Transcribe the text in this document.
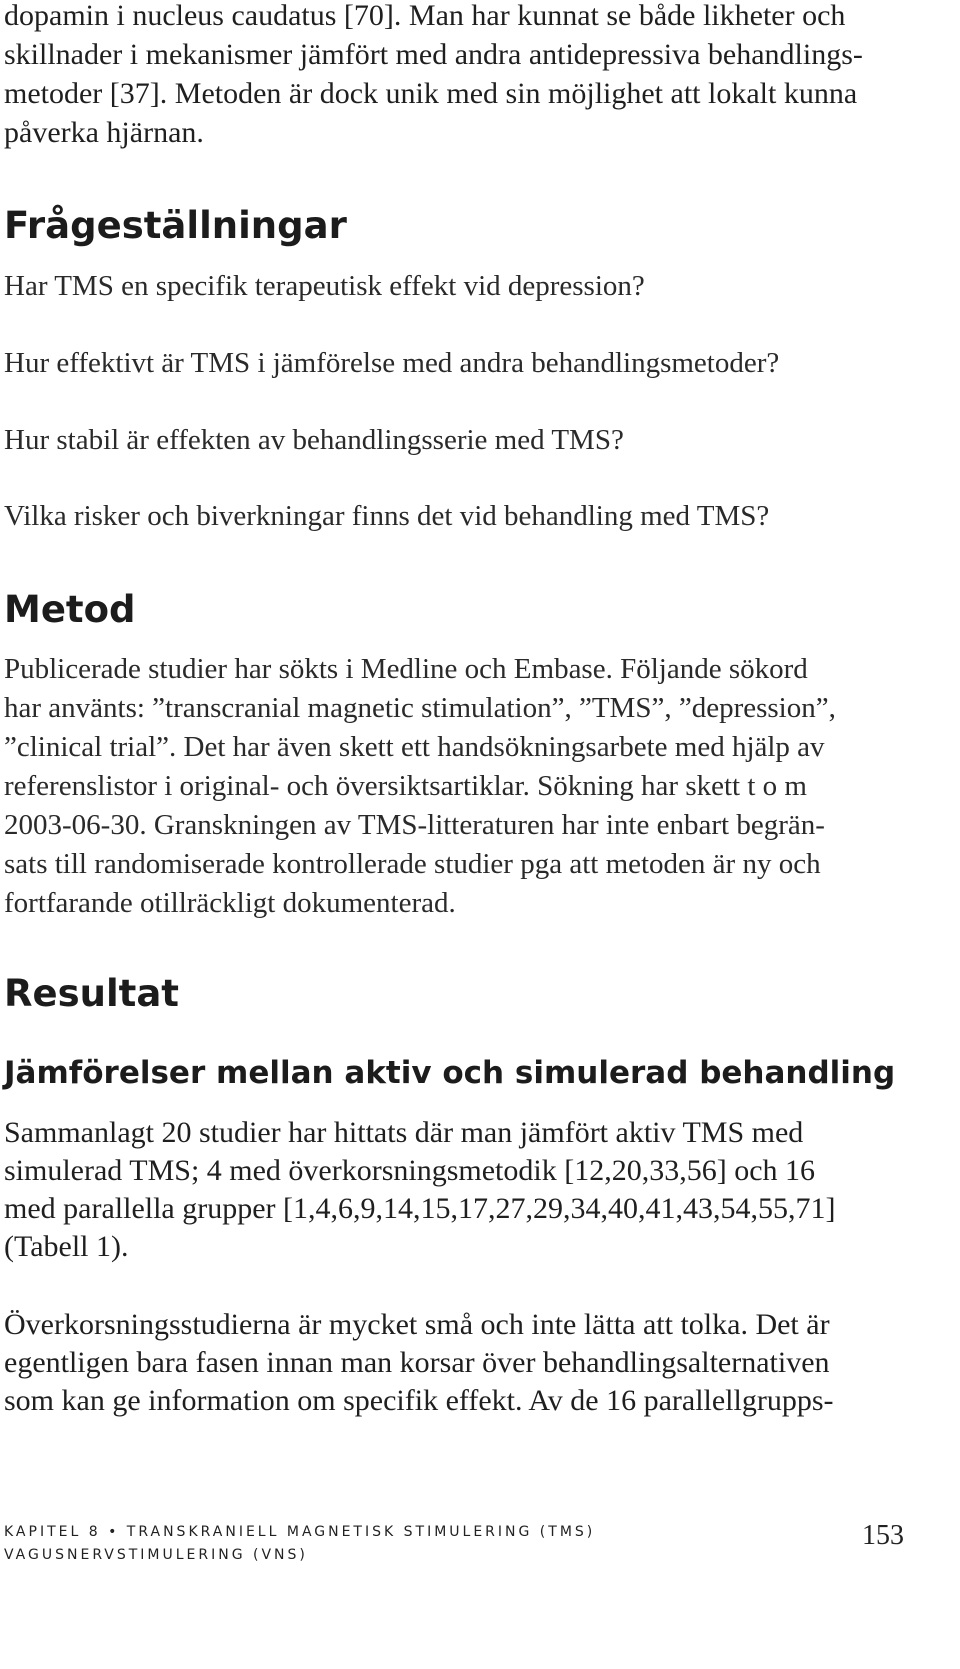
dopamin i nucleus caudatus [70]. Man har kunnat se både likheter och
skillnader i mekanismer jämfört med andra antidepressiva behandlings-
metoder [37]. Metoden är dock unik med sin möjlighet att lokalt kunna
påverka hjärnan.
Frågeställningar
Har TMS en specifik terapeutisk effekt vid depression?
Hur effektivt är TMS i jämförelse med andra behandlingsmetoder?
Hur stabil är effekten av behandlingsserie med TMS?
Vilka risker och biverkningar finns det vid behandling med TMS?
Metod
Publicerade studier har sökts i Medline och Embase. Följande sökord
har använts: ”transcranial magnetic stimulation”, ”TMS”, ”depression”,
”clinical trial”. Det har även skett ett handsökningsarbete med hjälp av
referenslistor i original- och översiktsartiklar. Sökning har skett t o m
2003-06-30. Granskningen av TMS-litteraturen har inte enbart begrän-
sats till randomiserade kontrollerade studier pga att metoden är ny och
fortfarande otillräckligt dokumenterad.
Resultat
Jämförelser mellan aktiv och simulerad behandling
Sammanlagt 20 studier har hittats där man jämfört aktiv TMS med
simulerad TMS; 4 med överkorsningsmetodik [12,20,33,56] och 16
med parallella grupper [1,4,6,9,14,15,17,27,29,34,40,41,43,54,55,71]
(Tabell 1).
Överkorsningsstudierna är mycket små och inte lätta att tolka. Det är
egentligen bara fasen innan man korsar över behandlingsalternativen
som kan ge information om specifik effekt. Av de 16 parallellgrupps-
KAPITEL 8 • TRANSKRANIELL MAGNETISK STIMULERING (TMS)
VAGUSNERVSTIMULERING (VNS)
153
